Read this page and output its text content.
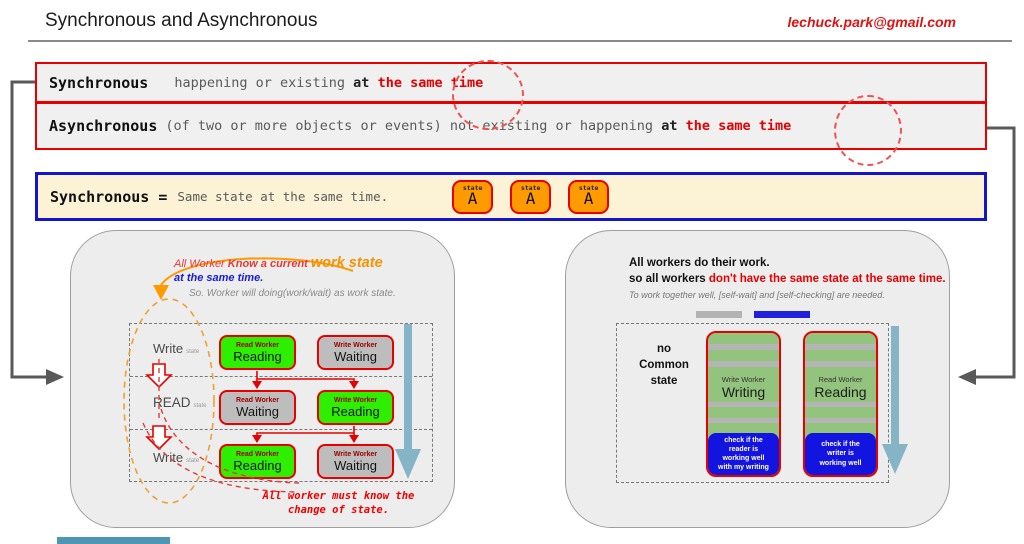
Synchronous and Asynchronous	lechuck.park@gmail.com
Synchronous happening or existing at the same time
Asynchronous (of two or more objects or events) not existing or happening at the same time
Synchronous = Same state at the same time.
state
A
state
A
state
A
Write state
READ state
Write state
Read Worker
Reading
Write Worker
Waiting
Read Worker
Waiting
Write Worker
Reading
Read Worker
Reading
Write Worker
Waiting
All Worker Know a current work state
at the same time.
So. Worker will doing(work/wait) as work state.
All worker must know the
change of state.
All workers do their work.
so all workers don't have the same state at the same time.
To work together well, [self-wait] and [self-checking] are needed.
no
Common
state	Write Worker
Writing
check if the
reader is
working well
with my writing
Read Worker
Reading
check if the
writer is
working well
